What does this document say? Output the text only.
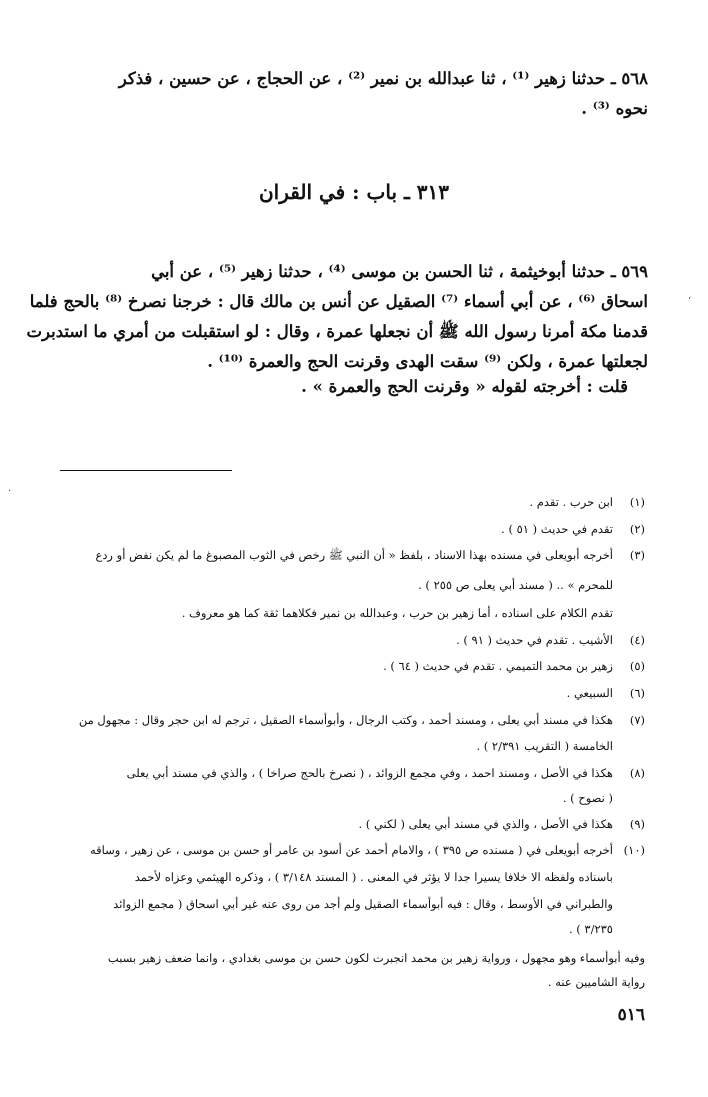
٥٦٨ ـ حدثنا زهير ⁽¹⁾ ، ثنا عبدالله بن نمير ⁽²⁾ ، عن الحجاج ، عن حسين ، فذكر
نحوه ⁽³⁾ .
٣١٣ ـ باب : في القران
٥٦٩ ـ حدثنا أبوخيثمة ، ثنا الحسن بن موسى ⁽⁴⁾ ، حدثنا زهير ⁽⁵⁾ ، عن أبي
اسحاق ⁽⁶⁾ ، عن أبي أسماء ⁽⁷⁾ الصقيل عن أنس بن مالك قال : خرجنا نصرخ ⁽⁸⁾ بالحج فلما
قدمنا مكة أمرنا رسول الله ﷺ أن نجعلها عمرة ، وقال : لو استقبلت من أمري ما استدبرت
لجعلتها عمرة ، ولكن ⁽⁹⁾ سقت الهدى وقرنت الحج والعمرة ⁽¹⁰⁾ .
قلت : أخرجته لقوله « وقرنت الحج والعمرة » .
(١)
ابن حرب . تقدم .
(٢)
تقدم في حديث ( ٥١ ) .
(٣)
أخرجه أبويعلى في مسنده بهذا الاسناد ، بلفظ « أن النبي ﷺ رخص في الثوب المصبوغ ما لم يكن نفض أو ردع
للمحرم » .. ( مسند أبي يعلى ص ٢٥٥ ) .
تقدم الكلام على اسناده ، أما زهير بن حرب ، وعبدالله بن نمير فكلاهما ثقة كما هو معروف .
(٤)
الأشيب . تقدم في حديث ( ٩١ ) .
(٥)
زهير بن محمد التميمي . تقدم في حديث ( ٦٤ ) .
(٦)
السبيعي .
(٧)
هكذا في مسند أبي يعلى ، ومسند أحمد ، وكتب الرجال ، وأبوأسماء الصقيل ، ترجم له ابن حجر وقال : مجهول من
الخامسة ( التقريب ٢/٣٩١ ) .
(٨)
هكذا في الأصل ، ومسند احمد ، وفي مجمع الزوائد ، ( نصرخ بالحج صراخا ) ، والذي في مسند أبي يعلى
( نصوح ) .
(٩)
هكذا في الأصل ، والذي في مسند أبي يعلى ( لكني ) .
(١٠)
أخرجه أبويعلى في ( مسنده ص ٣٩٥ ) ، والامام أحمد عن أسود بن عامر أو حسن بن موسى ، عن زهير ، وساقه
باسناده ولفظه الا خلافا يسيرا جدا لا يؤثر في المعنى . ( المسند ٣/١٤٨ ) ، وذكره الهيثمي وعزاه لأحمد
والطبراني في الأوسط ، وقال : فيه أبوأسماء الصقيل ولم أجد من روى عنه غير أبي اسحاق ( مجمع الزوائد
٣/٢٣٥ ) .
وفيه أبوأسماء وهو مجهول ، ورواية زهير بن محمد انجبرت لكون حسن بن موسى بغدادي ، وانما ضعف زهير بسبب
رواية الشاميين عنه .
٥١٦
ʻ
·
